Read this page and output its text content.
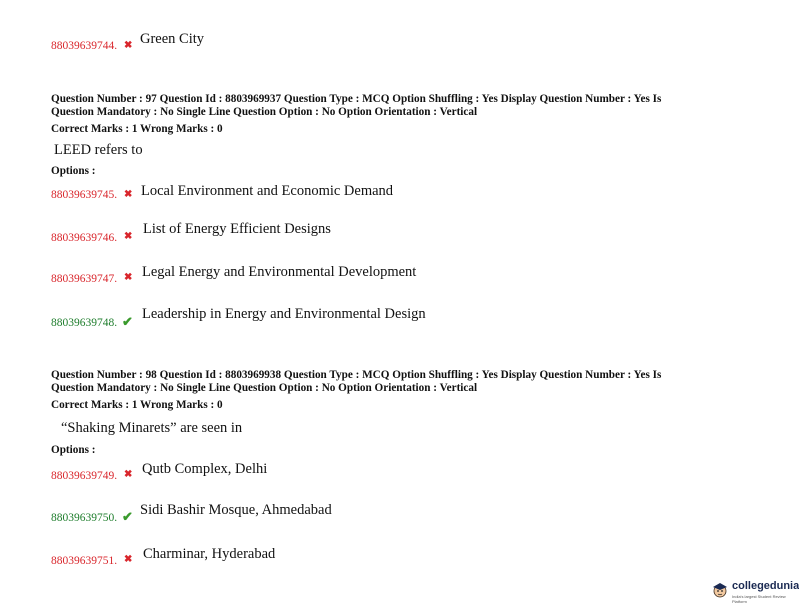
88039639744. ✖ Green City
Question Number : 97 Question Id : 8803969937 Question Type : MCQ Option Shuffling : Yes Display Question Number : Yes Is
Question Mandatory : No Single Line Question Option : No Option Orientation : Vertical
Correct Marks : 1 Wrong Marks : 0
LEED refers to
Options :
88039639745. ✖ Local Environment and Economic Demand
88039639746. ✖ List of Energy Efficient Designs
88039639747. ✖ Legal Energy and Environmental Development
88039639748. ✔ Leadership in Energy and Environmental Design
Question Number : 98 Question Id : 8803969938 Question Type : MCQ Option Shuffling : Yes Display Question Number : Yes Is
Question Mandatory : No Single Line Question Option : No Option Orientation : Vertical
Correct Marks : 1 Wrong Marks : 0
“Shaking Minarets” are seen in
Options :
88039639749. ✖ Qutb Complex, Delhi
88039639750. ✔ Sidi Bashir Mosque, Ahmedabad
88039639751. ✖ Charminar, Hyderabad
collegedunia
India's largest Student Review Platform
